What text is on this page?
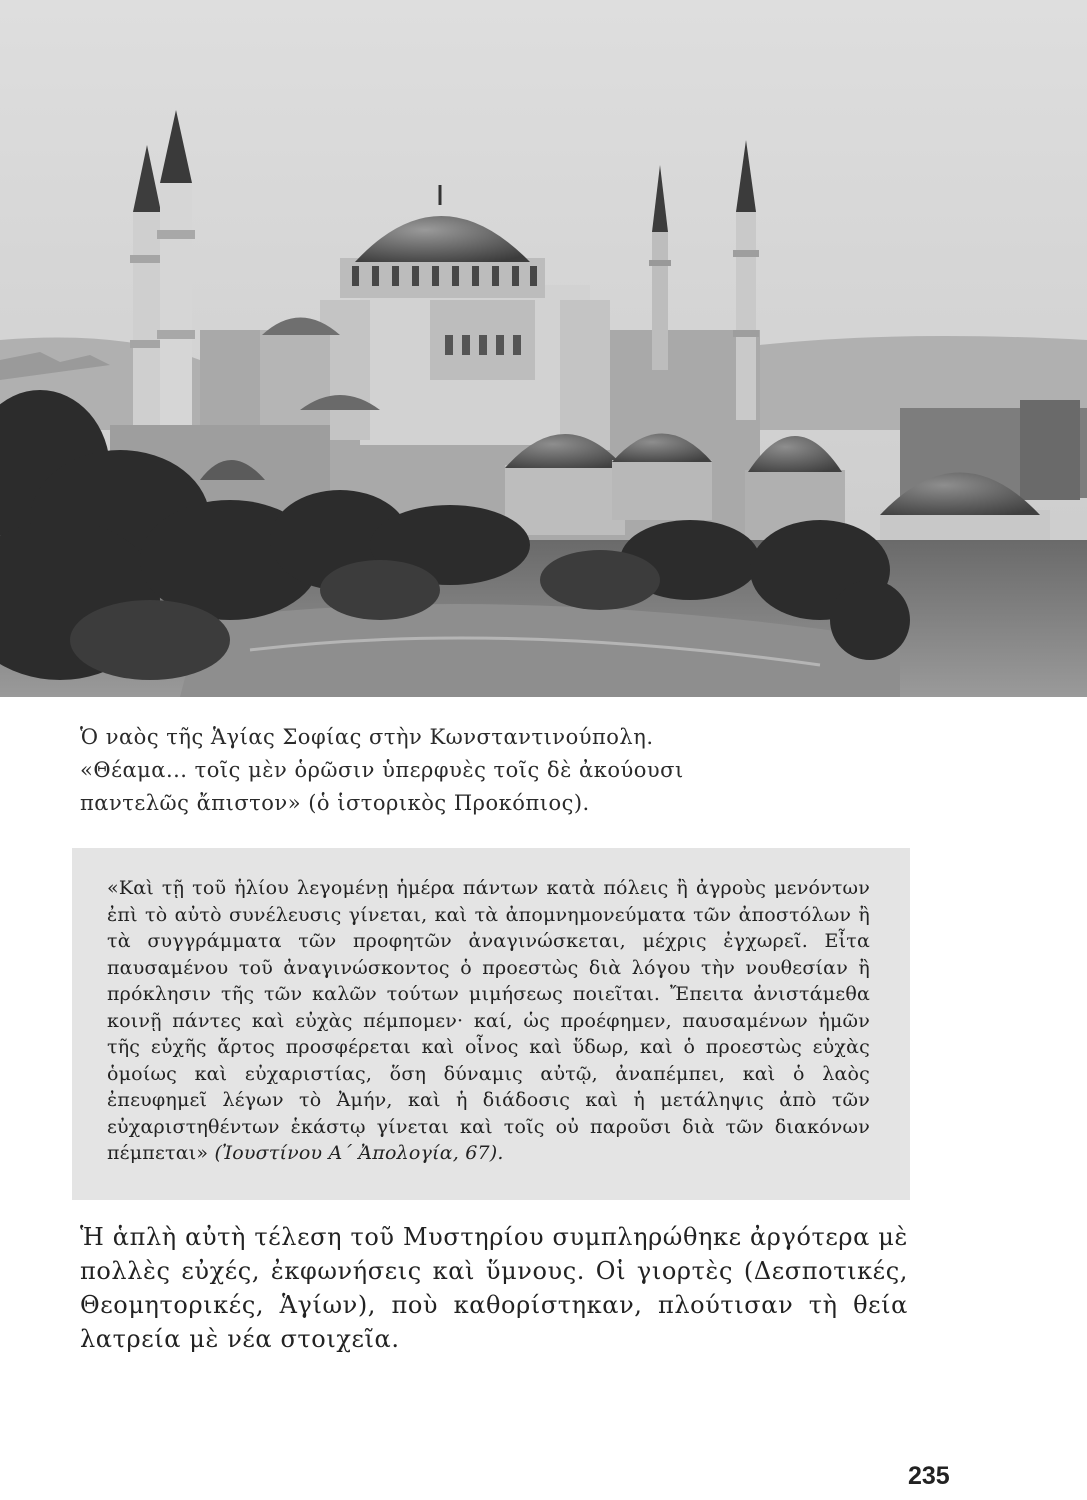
Ὁ ναὸς τῆς Ἁγίας Σοφίας στὴν Κωνσταντινούπολη. «Θέαμα... τοῖς μὲν ὁρῶσιν ὑπερφυὲς τοῖς δὲ ἀκούουσι παντελῶς ἄπιστον» (ὁ ἱστορικὸς Προκόπιος).

«Καὶ τῇ τοῦ ἡλίου λεγομένῃ ἡμέρα πάντων κατὰ πόλεις ἢ ἀγροὺς μενόντων ἐπὶ τὸ αὐτὸ συνέλευσις γίνεται, καὶ τὰ ἀπομνημονεύματα τῶν ἀποστόλων ἢ τὰ συγγράμματα τῶν προφητῶν ἀναγινώσκεται, μέχρις ἐγχωρεῖ. Εἶτα παυσαμένου τοῦ ἀναγινώσκοντος ὁ προεστὼς διὰ λόγου τὴν νουθεσίαν ἢ πρόκλησιν τῆς τῶν καλῶν τούτων μιμήσεως ποιεῖται. Ἔπειτα ἀνιστάμεθα κοινῇ πάντες καὶ εὐχὰς πέμπομεν· καί, ὡς προέφημεν, παυσαμένων ἡμῶν τῆς εὐχῆς ἄρτος προσφέρεται καὶ οἶνος καὶ ὕδωρ, καὶ ὁ προεστὼς εὐχὰς ὁμοίως καὶ εὐχαριστίας, ὅση δύναμις αὐτῷ, ἀναπέμπει, καὶ ὁ λαὸς ἐπευφημεῖ λέγων τὸ Ἀμήν, καὶ ἡ διάδοσις καὶ ἡ μετάληψις ἀπὸ τῶν εὐχαριστηθέντων ἑκάστῳ γίνεται καὶ τοῖς οὐ παροῦσι διὰ τῶν διακόνων πέμπεται» (Ἰουστίνου Α΄ Ἀπολογία, 67).

Ἡ ἁπλὴ αὐτὴ τέλεση τοῦ Μυστηρίου συμπληρώθηκε ἀργότερα μὲ πολλὲς εὐχές, ἐκφωνήσεις καὶ ὕμνους. Οἱ γιορτὲς (Δεσποτικές, Θεομητορικές, Ἁγίων), ποὺ καθορίστηκαν, πλούτισαν τὴ θεία λατρεία μὲ νέα στοιχεῖα.

235
